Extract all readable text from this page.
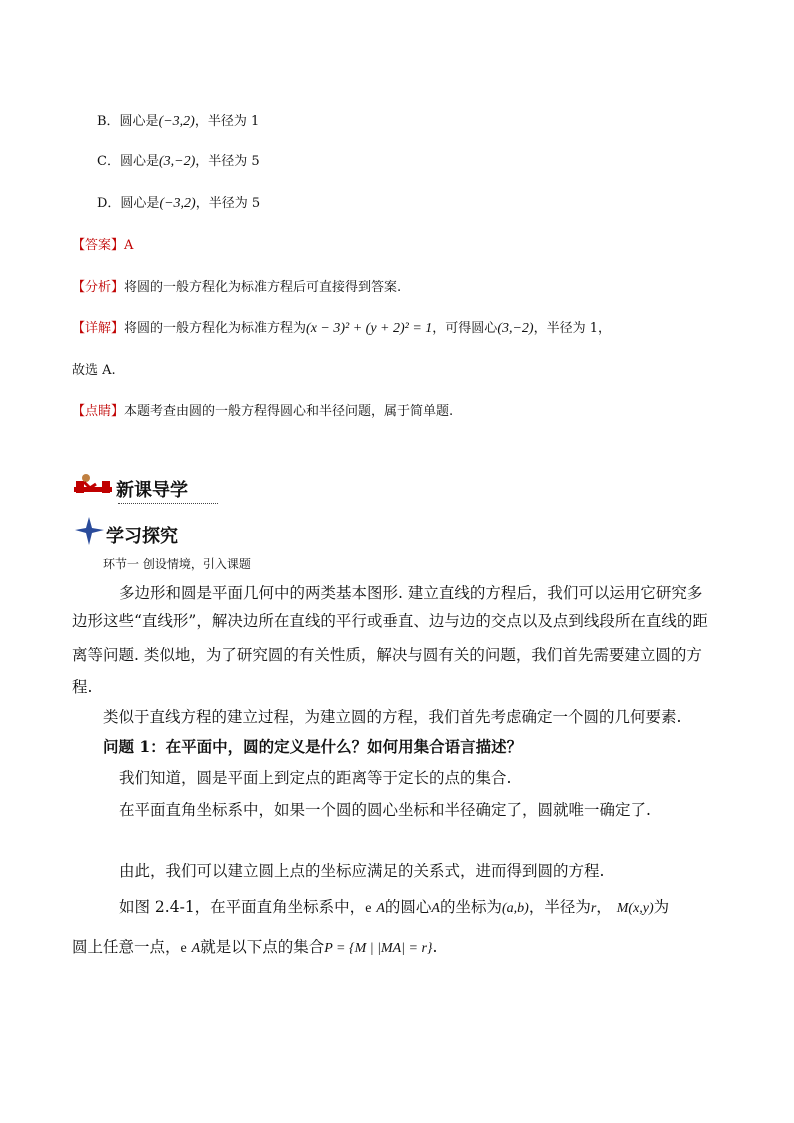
B．圆心是(−3,2)，半径为 1
C．圆心是(3,−2)，半径为 5
D．圆心是(−3,2)，半径为 5
【答案】A
【分析】将圆的一般方程化为标准方程后可直接得到答案.
【详解】将圆的一般方程化为标准方程为(x − 3)² + (y + 2)² = 1，可得圆心(3,−2)，半径为 1，
故选 A.
【点睛】本题考查由圆的一般方程得圆心和半径问题，属于简单题.
新课导学
学习探究
环节一 创设情境，引入课题
多边形和圆是平面几何中的两类基本图形. 建立直线的方程后，我们可以运用它研究多
边形这些“直线形”，解决边所在直线的平行或垂直、边与边的交点以及点到线段所在直线的距
离等问题. 类似地，为了研究圆的有关性质，解决与圆有关的问题，我们首先需要建立圆的方
程.
类似于直线方程的建立过程，为建立圆的方程，我们首先考虑确定一个圆的几何要素.
问题 1：在平面中，圆的定义是什么？如何用集合语言描述？
我们知道，圆是平面上到定点的距离等于定长的点的集合.
在平面直角坐标系中，如果一个圆的圆心坐标和半径确定了，圆就唯一确定了.
由此，我们可以建立圆上点的坐标应满足的关系式，进而得到圆的方程.
如图 2.4-1，在平面直角坐标系中，e A的圆心A的坐标为(a,b)，半径为r， M(x,y)为
圆上任意一点，e A就是以下点的集合P = {M | |MA| = r}.
